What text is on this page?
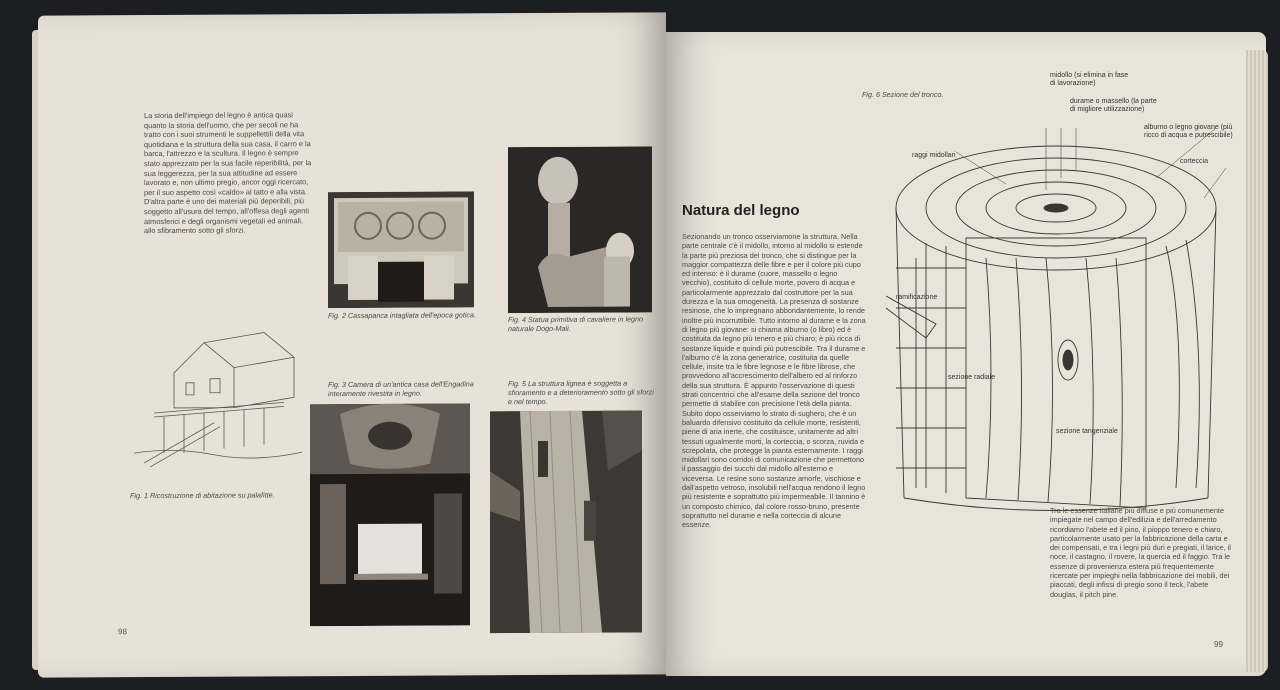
La storia dell'impiego del legno è antica quasi quanto la storia dell'uomo, che per secoli ne ha tratto con i suoi strumenti le suppellettili della vita quotidiana e la struttura della sua casa, il carro e la barca, l'attrezzo e la scultura. Il legno è sempre stato apprezzato per la sua facile reperibilità, per la sua leggerezza, per la sua attitudine ad essere lavorato e, non ultimo pregio, ancor oggi ricercato, per il suo aspetto così «caldo» al tatto e alla vista. D'altra parte è uno dei materiali più deperibili, più soggetto all'usura del tempo, all'offesa degli agenti atmosferici e degli organismi vegetali ed animali, allo sfibramento sotto gli sforzi.
Fig. 2 Cassapanca intagliata dell'epoca gotica.	Fig. 4 Statua primitiva di cavaliere in legno naturale Dogo-Mali.
Fig. 1 Ricostruzione di abitazione su palafitte.
Fig. 3 Camera di un'antica casa dell'Engadina interamente rivestita in legno.
Fig. 5 La struttura lignea è soggetta a sfioramento e a deterioramento sotto gli sforzi e nel tempo.
98
Natura del legno
Sezionando un tronco osserviamone la struttura. Nella parte centrale c'è il midollo, intorno al midollo si estende la parte più preziosa del tronco, che si distingue per la maggior compattezza delle fibre e per il colore più cupo ed intenso: è il durame (cuore, massello o legno vecchio), costituito di cellule morte, povero di acqua e particolarmente apprezzato dal costruttore per la sua durezza e la sua omogeneità. La presenza di sostanze resinose, che lo impregnano abbondantemente, lo rende inoltre più incorruttibile. Tutto intorno al durame e la zona di legno più giovane: si chiama alburno (o libro) ed è costituita da legno più tenero e più chiaro; è più ricca di sostanze liquide e quindi più putrescibile. Tra il durame e l'alburno c'è la zona generatrice, costituita da quelle cellule, insite tra le fibre legnose e le fibre librose, che provvedono all'accrescimento dell'albero ed al rinforzo della sua struttura. È appunto l'osservazione di questi strati concentrici che all'esame della sezione del tronco permette di stabilire con precisione l'età della pianta. Subito dopo osserviamo lo strato di sughero, che è un baluardo difensivo costituito da cellule morte, resistenti, piene di aria inerte, che costituisce, unitamente ad altri tessuti ugualmente morti, la corteccia, o scorza, ruvida e screpolata, che protegge la pianta esternamente. I raggi midollari sono corridoi di comunicazione che permettono il passaggio dei succhi dal midollo all'esterno e viceversa. Le resine sono sostanze amorfe, vischiose e dall'aspetto vetroso, insolubili nell'acqua rendono il legno più resistente e soprattutto più impermeabile. Il tannino è un composto chimico, dal colore rosso-bruno, presente soprattutto nel durame e nella corteccia di alcune essenze.
Fig. 6 Sezione del tronco.
midollo (si elimina in fase di lavorazione)
durame o massello (la parte di migliore utilizzazione)
alburno o legno giovane (più ricco di acqua e putrescibile)
corteccia
raggi midollari
ramificazione
sezione radiale
sezione tangenziale
Tra le essenze italiane più diffuse e più comunemente impiegate nel campo dell'edilizia e dell'arredamento ricordiamo l'abete ed il pino, il pioppo tenero e chiaro, particolarmente usato per la fabbricazione della carta e dei compensati, e tra i legni più duri e pregiati, il larice, il noce, il castagno, il rovere, la quercia ed il faggio. Tra le essenze di provenienza estera più frequentemente ricercate per impieghi nella fabbricazione dei mobili, dei piaccati, degli infissi di pregio sono il teck, l'abete douglas, il pitch pine.
99
